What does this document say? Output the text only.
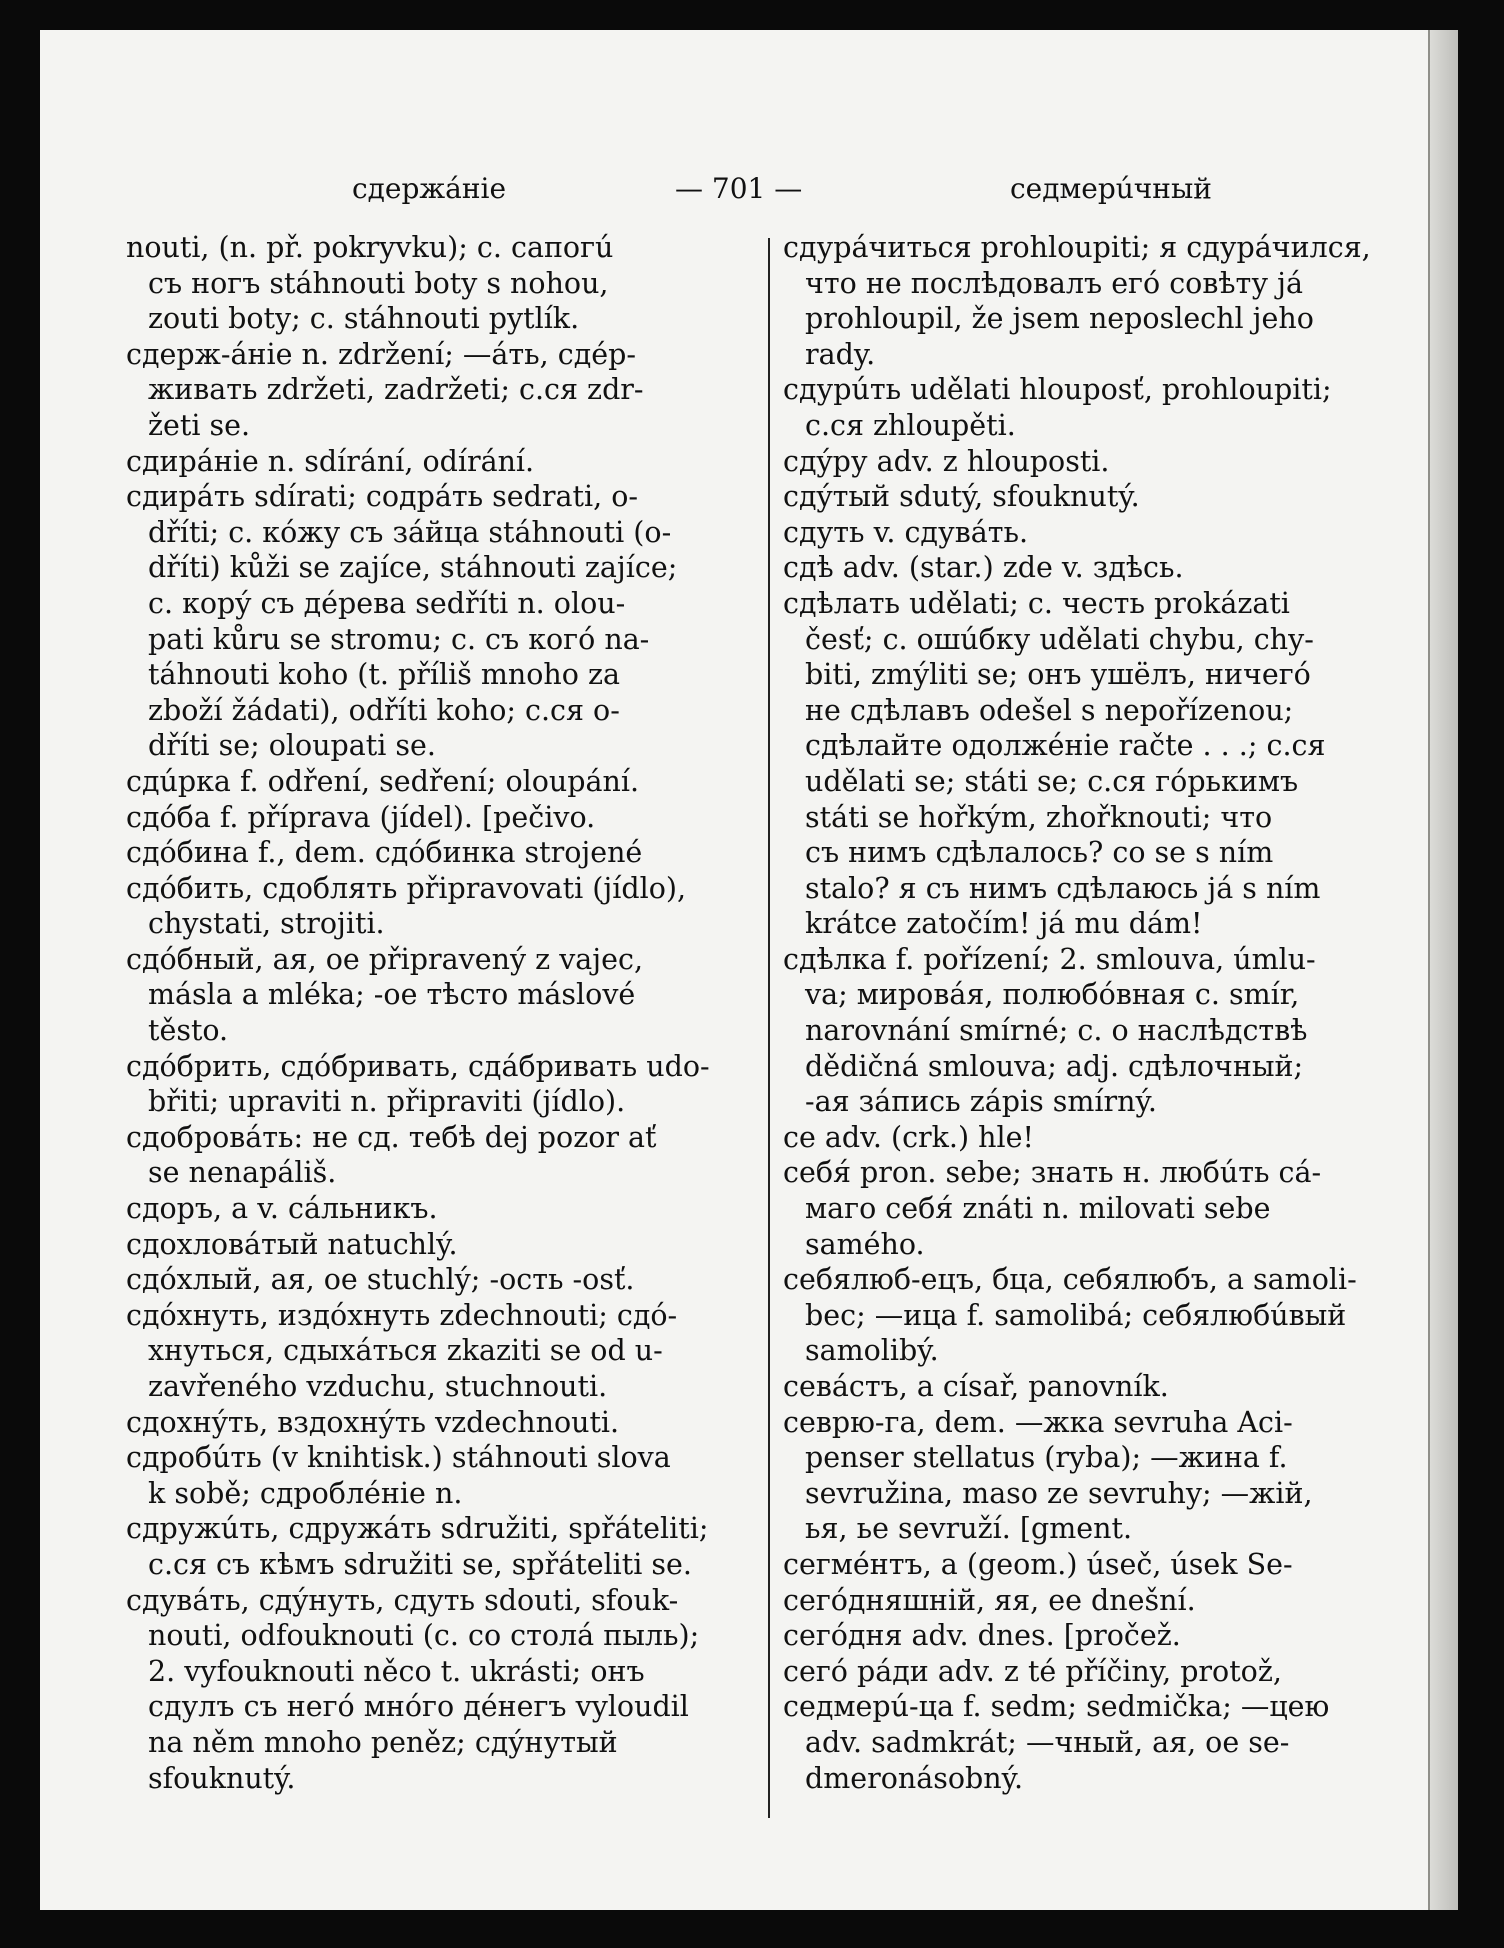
сдержáніе	— 701 —	седмерúчный
nouti, (n. př. pokryvku); c. сапогú
съ ногъ stáhnouti boty s nohou,
zouti boty; c. stáhnouti pytlík.
сдерж-áніе n. zdržení; —áть, сдéр-
живать zdržeti, zadržeti; с.ся zdr-
žeti se.
сдирáніе n. sdírání, odírání.
сдирáть sdírati; содрáть sedrati, o-
dříti; c. кóжу съ зáйца stáhnouti (o-
dříti) kůži se zajíce, stáhnouti zajíce;
c. корý съ дéрева sedříti n. olou-
pati kůru se stromu; c. съ когó na-
táhnouti koho (t. příliš mnoho za
zboží žádati), odříti koho; с.ся o-
dříti se; oloupati se.
сдúрка f. odření, sedření; oloupání.
сдóба f. příprava (jídel). [pečivo.
сдóбина f., dem. сдóбинка strojené
сдóбить, сдоблять připravovati (jídlo),
chystati, strojiti.
сдóбный, ая, ое připravený z vajec,
másla a mléka; -ое тѣсто máslové
těsto.
сдóбрить, сдóбривать, сдáбривать udo-
břiti; upraviti n. připraviti (jídlo).
сдобровáть: не сд. тебѣ dej pozor ať
se nenapáliš.
сдоръ, а v. сáльникъ.
сдохловáтый natuchlý.
сдóхлый, ая, ое stuchlý; -ость -osť.
сдóхнуть, издóхнуть zdechnouti; сдó-
хнуться, сдыхáться zkaziti se od u-
zavřeného vzduchu, stuchnouti.
сдохнýть, вздохнýть vzdechnouti.
сдробúть (v knihtisk.) stáhnouti slova
k sobě; сдроблéніе n.
сдружúть, сдружáть sdružiti, spřáteliti;
с.ся съ кѣмъ sdružiti se, spřáteliti se.
сдувáть, сдýнуть, сдуть sdouti, sfouk-
nouti, odfouknouti (c. со столá пыль);
2. vyfouknouti něco t. ukrásti; онъ
сдулъ съ негó мнóго дéнегъ vyloudil
na něm mnoho peněz; сдýнутый
sfouknutý.
сдурáчиться prohloupiti; я сдурáчился,
что не послѣдовалъ егó совѣту já
prohloupil, že jsem neposlechl jeho
rady.
сдурúть udělati hlouposť, prohloupiti;
с.ся zhloupěti.
сдýру adv. z hlouposti.
сдýтый sdutý, sfouknutý.
сдуть v. сдувáть.
сдѣ adv. (star.) zde v. здѣсь.
сдѣлать udělati; c. честь prokázati
česť; c. ошúбку udělati chybu, chy-
biti, zmýliti se; онъ ушёлъ, ничегó
не сдѣлавъ odešel s nepořízenou;
сдѣлайте одолжéніе račte . . .; с.ся
udělati se; státi se; с.ся гóрькимъ
státi se hořkým, zhořknouti; что
съ нимъ сдѣлалось? co se s ním
stalo? я съ нимъ сдѣлаюсь já s ním
krátce zatočím! já mu dám!
сдѣлка f. pořízení; 2. smlouva, úmlu-
va; мировáя, полюбóвная c. smír,
narovnání smírné; c. о наслѣдствѣ
dědičná smlouva; adj. сдѣлочный;
-ая зáпись zápis smírný.
се adv. (crk.) hle!
себя́ pron. sebe; знать н. любúть сá-
маго себя́ znáti n. milovati sebe
samého.
себялюб-ецъ, бца, себялюбъ, а samoli-
bec; —ица f. samolibá; себялюбúвый
samolibý.
севáстъ, а císař, panovník.
севрю-га, dem. —жка sevruha Aci-
penser stellatus (ryba); —жина f.
sevružina, maso ze sevruhy; —жій,
ья, ье sevruží. [gment.
сегмéнтъ, а (geom.) úseč, úsek Se-
сегóдняшній, яя, ее dnešní.
сегóдня adv. dnes. [pročež.
сегó рáди adv. z té příčiny, protož,
седмерú-ца f. sedm; sedmička; —цею
adv. sadmkrát; —чный, ая, ое se-
dmeronásobný.
